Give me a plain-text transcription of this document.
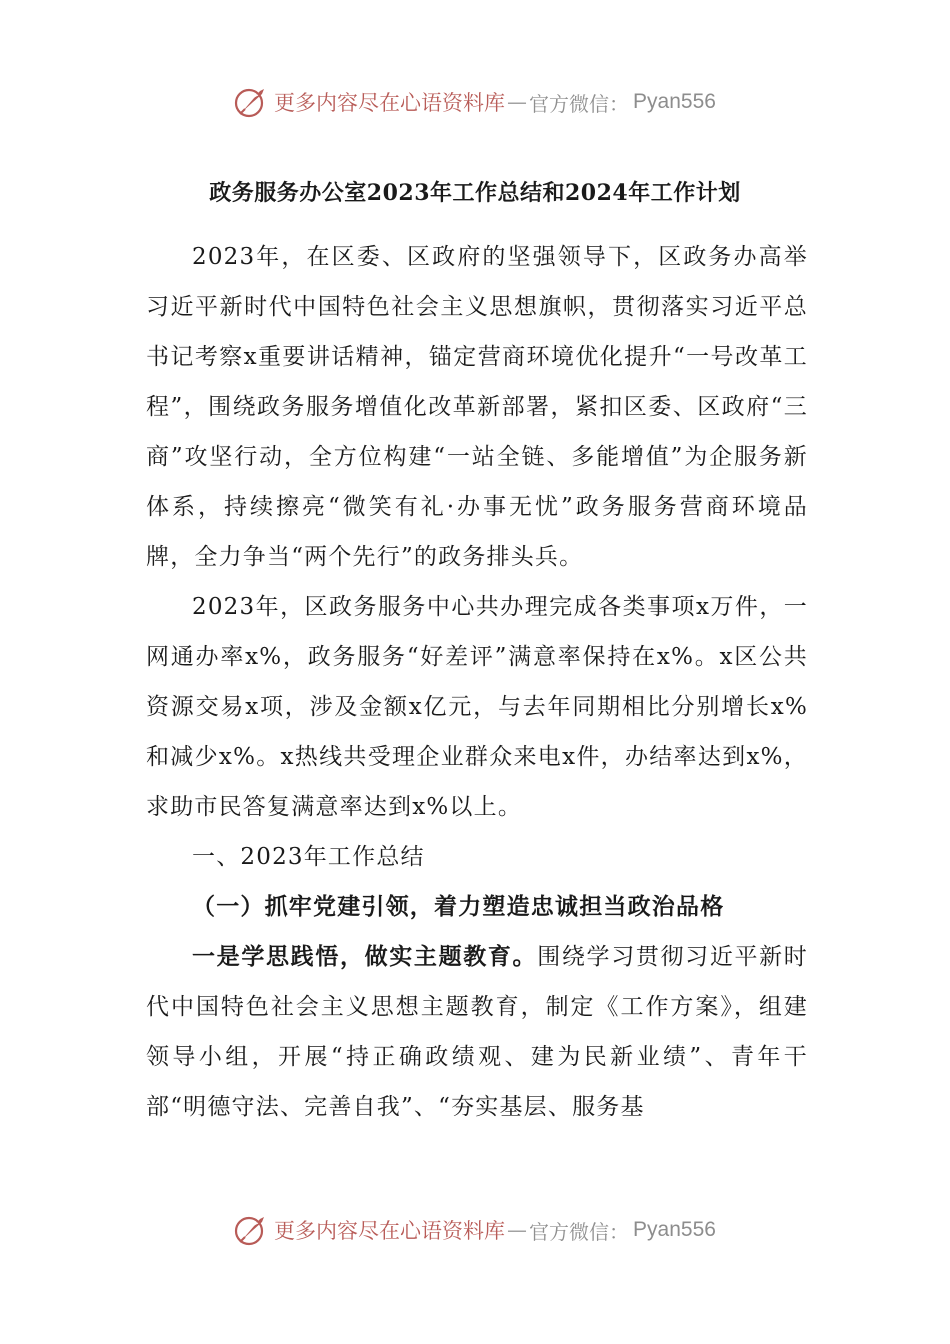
更多内容尽在心语资料库 — 官方微信： Pyan556
政务服务办公室2023年工作总结和2024年工作计划

2023年，在区委、区政府的坚强领导下，区政务办高举习近平新时代中国特色社会主义思想旗帜，贯彻落实习近平总书记考察x重要讲话精神，锚定营商环境优化提升“一号改革工程”，围绕政务服务增值化改革新部署，紧扣区委、区政府“三商”攻坚行动，全方位构建“一站全链、多能增值”为企服务新体系，持续擦亮“微笑有礼·办事无忧”政务服务营商环境品牌，全力争当“两个先行”的政务排头兵。

2023年，区政务服务中心共办理完成各类事项x万件，一网通办率x%，政务服务“好差评”满意率保持在x%。x区公共资源交易x项，涉及金额x亿元，与去年同期相比分别增长x%和减少x%。x热线共受理企业群众来电x件，办结率达到x%，求助市民答复满意率达到x%以上。

一、2023年工作总结

（一）抓牢党建引领，着力塑造忠诚担当政治品格

一是学思践悟，做实主题教育。围绕学习贯彻习近平新时代中国特色社会主义思想主题教育，制定《工作方案》，组建领导小组，开展“持正确政绩观、建为民新业绩”、青年干部“明德守法、完善自我”、“夯实基层、服务基

更多内容尽在心语资料库 — 官方微信： Pyan556
